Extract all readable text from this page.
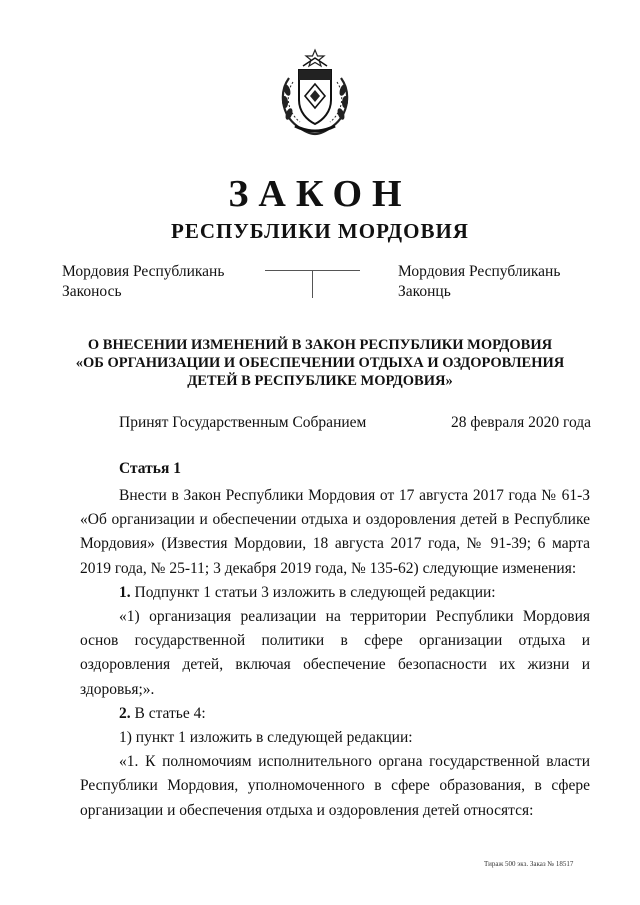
ЗАКОН
РЕСПУБЛИКИ МОРДОВИЯ
Мордовия Республикань
Законось
Мордовия Республикань
Законць
О ВНЕСЕНИИ ИЗМЕНЕНИЙ В ЗАКОН РЕСПУБЛИКИ МОРДОВИЯ
«ОБ ОРГАНИЗАЦИИ И ОБЕСПЕЧЕНИИ ОТДЫХА И ОЗДОРОВЛЕНИЯ
ДЕТЕЙ В РЕСПУБЛИКЕ МОРДОВИЯ»
Принят Государственным Собранием	28 февраля 2020 года
Статья 1

Внести в Закон Республики Мордовия от 17 августа 2017 года № 61-З «Об организации и обеспечении отдыха и оздоровления детей в Республике Мордовия» (Известия Мордовии, 18 августа 2017 года, № 91-39; 6 марта 2019 года, № 25-11; 3 декабря 2019 года, № 135-62) следующие изменения:

1. Подпункт 1 статьи 3 изложить в следующей редакции:

«1) организация реализации на территории Республики Мордовия основ государственной политики в сфере организации отдыха и оздоровления детей, включая обеспечение безопасности их жизни и здоровья;».

2. В статье 4:

1) пункт 1 изложить в следующей редакции:

«1. К полномочиям исполнительного органа государственной власти Республики Мордовия, уполномоченного в сфере образования, в сфере организации и обеспечения отдыха и оздоровления детей относятся:

Тираж 500 экз. Заказ № 18517
